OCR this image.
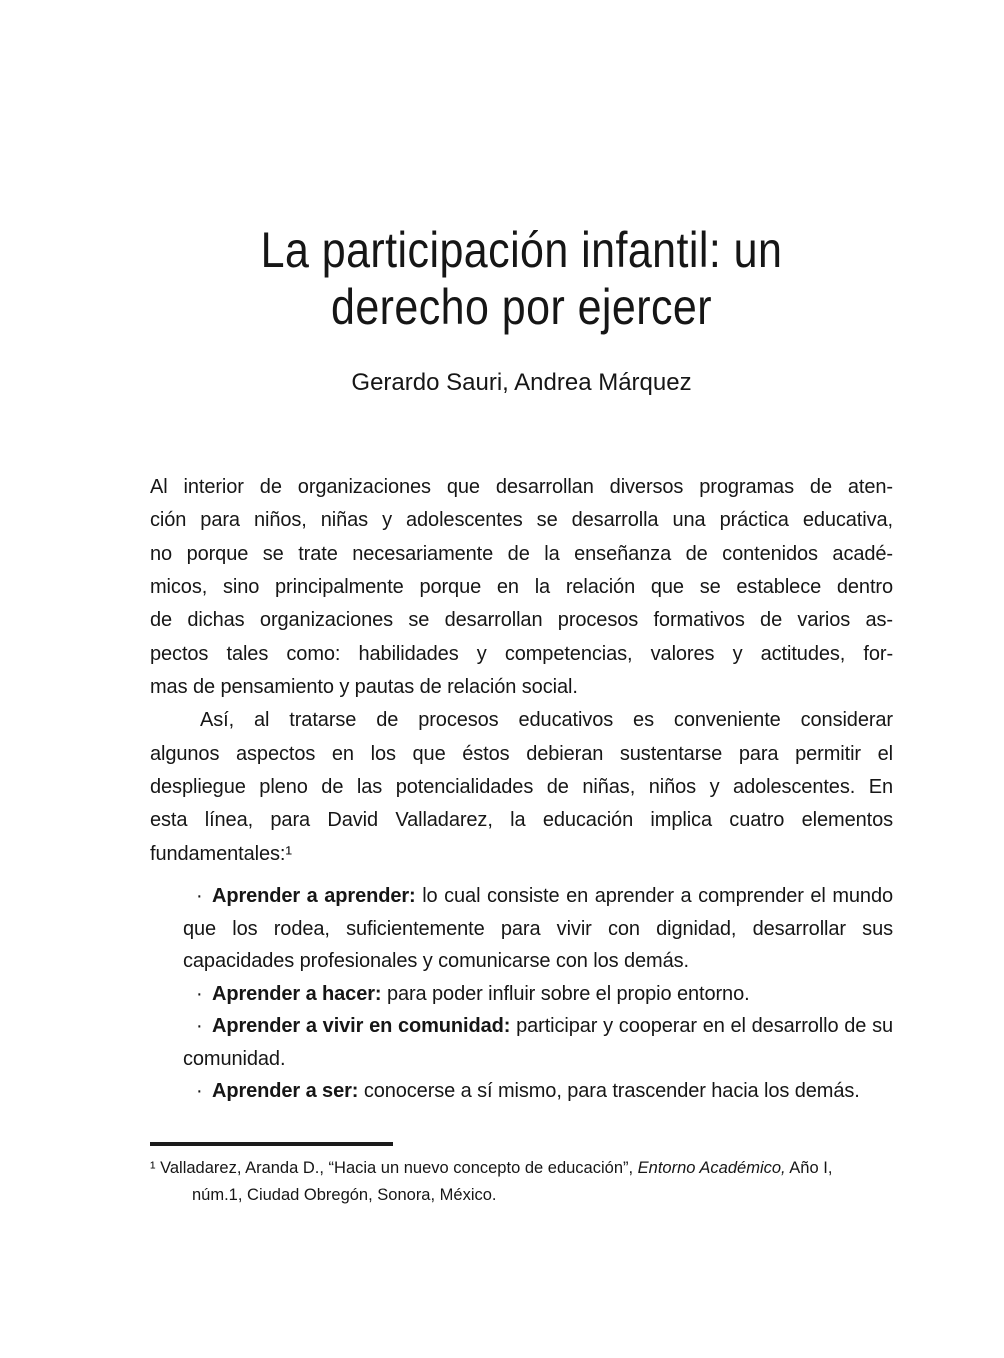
La participación infantil: un
derecho por ejercer
Gerardo Sauri, Andrea Márquez
Al interior de organizaciones que desarrollan diversos programas de aten-
ción para niños, niñas y adolescentes se desarrolla una práctica educativa,
no porque se trate necesariamente de la enseñanza de contenidos acadé-
micos, sino principalmente porque en la relación que se establece dentro
de dichas organizaciones se desarrollan procesos formativos de varios as-
pectos tales como: habilidades y competencias, valores y actitudes, for-
mas de pensamiento y pautas de relación social.
Así, al tratarse de procesos educativos es conveniente considerar
algunos aspectos en los que éstos debieran sustentarse para permitir el
despliegue pleno de las potencialidades de niñas, niños y adolescentes. En
esta línea, para David Valladarez, la educación implica cuatro elementos
fundamentales:¹
· Aprender a aprender: lo cual consiste en aprender a comprender el mundo que los rodea, suficientemente para vivir con dignidad, desarrollar sus capacidades profesionales y comunicarse con los demás.
· Aprender a hacer: para poder influir sobre el propio entorno.
· Aprender a vivir en comunidad: participar y cooperar en el desarrollo de su comunidad.
· Aprender a ser: conocerse a sí mismo, para trascender hacia los demás.
¹ Valladarez, Aranda D., “Hacia un nuevo concepto de educación”, Entorno Académico, Año I,
núm.1, Ciudad Obregón, Sonora, México.
